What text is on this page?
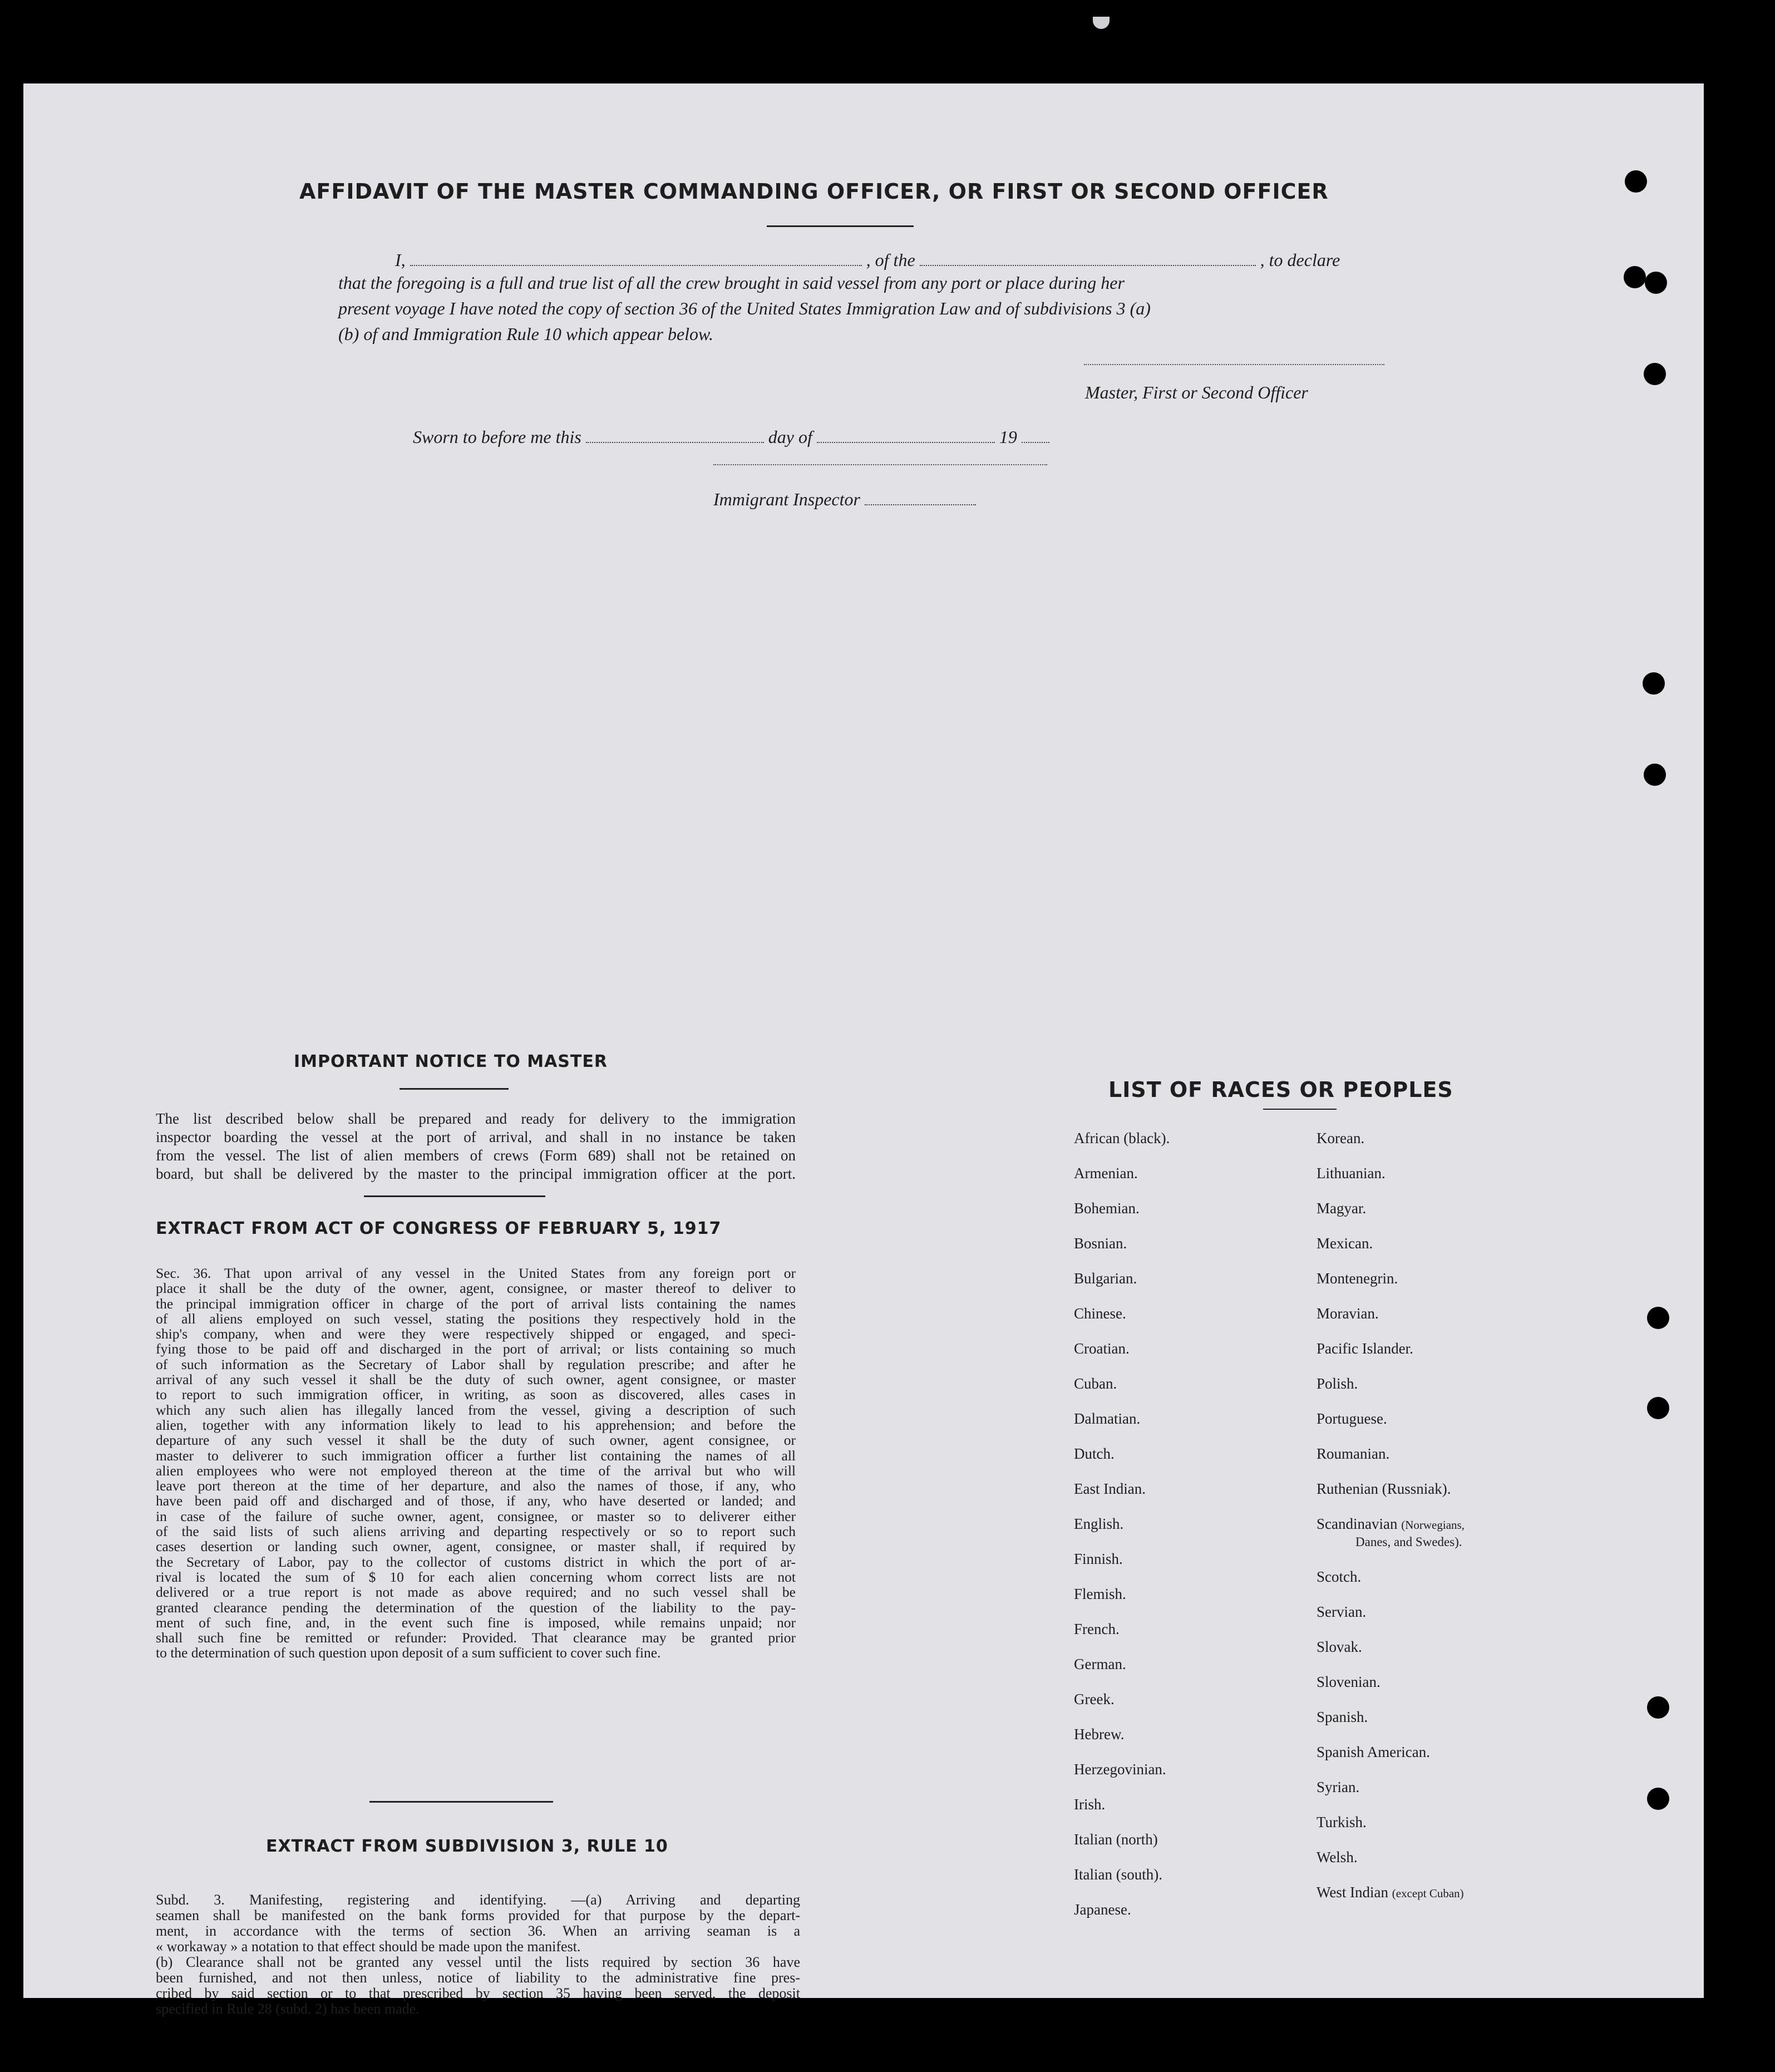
AFFIDAVIT OF THE MASTER COMMANDING OFFICER, OR FIRST OR SECOND OFFICER
I,	, of the	, to declare
that the foregoing is a full and true list of all the crew brought in said vessel from any port or place during her
present voyage I have noted the copy of section 36 of the United States Immigration Law and of subdivisions 3 (a)
(b) of and Immigration Rule 10 which appear below.
Master, First or Second Officer
Sworn to before me this	day of	19
Immigrant Inspector
IMPORTANT NOTICE TO MASTER
The list described below shall be prepared and ready for delivery to the immigration
inspector boarding the vessel at the port of arrival, and shall in no instance be taken
from the vessel. The list of alien members of crews (Form 689) shall not be retained on
board, but shall be delivered by the master to the principal immigration officer at the port.
EXTRACT FROM ACT OF CONGRESS OF FEBRUARY 5, 1917
Sec. 36. That upon arrival of any vessel in the United States from any foreign port or
place it shall be the duty of the owner, agent, consignee, or master thereof to deliver to
the principal immigration officer in charge of the port of arrival lists containing the names
of all aliens employed on such vessel, stating the positions they respectively hold in the
ship's company, when and were they were respectively shipped or engaged, and speci-
fying those to be paid off and discharged in the port of arrival; or lists containing so much
of such information as the Secretary of Labor shall by regulation prescribe; and after he
arrival of any such vessel it shall be the duty of such owner, agent consignee, or master
to report to such immigration officer, in writing, as soon as discovered, alles cases in
which any such alien has illegally lanced from the vessel, giving a description of such
alien, together with any information likely to lead to his apprehension; and before the
departure of any such vessel it shall be the duty of such owner, agent consignee, or
master to deliverer to such immigration officer a further list containing the names of all
alien employees who were not employed thereon at the time of the arrival but who will
leave port thereon at the time of her departure, and also the names of those, if any, who
have been paid off and discharged and of those, if any, who have deserted or landed; and
in case of the failure of suche owner, agent, consignee, or master so to deliverer either
of the said lists of such aliens arriving and departing respectively or so to report such
cases desertion or landing such owner, agent, consignee, or master shall, if required by
the Secretary of Labor, pay to the collector of customs district in which the port of ar-
rival is located the sum of $ 10 for each alien concerning whom correct lists are not
delivered or a true report is not made as above required; and no such vessel shall be
granted clearance pending the determination of the question of the liability to the pay-
ment of such fine, and, in the event such fine is imposed, while remains unpaid; nor
shall such fine be remitted or refunder: Provided. That clearance may be granted prior
to the determination of such question upon deposit of a sum sufficient to cover such fine.
EXTRACT FROM SUBDIVISION 3, RULE 10
Subd. 3. Manifesting, registering and identifying. —(a) Arriving and departing
seamen shall be manifested on the bank forms provided for that purpose by the depart-
ment, in accordance with the terms of section 36. When an arriving seaman is a
« workaway » a notation to that effect should be made upon the manifest.
(b) Clearance shall not be granted any vessel until the lists required by section 36 have
been furnished, and not then unless, notice of liability to the administrative fine pres-
cribed by said section or to that prescribed by section 35 having been served, the deposit
specified in Rule 28 (subd. 2) has been made.
LIST OF RACES OR PEOPLES
African (black).
Armenian.
Bohemian.
Bosnian.
Bulgarian.
Chinese.
Croatian.
Cuban.
Dalmatian.
Dutch.
East Indian.
English.
Finnish.
Flemish.
French.
German.
Greek.
Hebrew.
Herzegovinian.
Irish.
Italian (north)
Italian (south).
Japanese.
Korean.
Lithuanian.
Magyar.
Mexican.
Montenegrin.
Moravian.
Pacific Islander.
Polish.
Portuguese.
Roumanian.
Ruthenian (Russniak).
Scandinavian (Norwegians,
Danes, and Swedes).
Scotch.
Servian.
Slovak.
Slovenian.
Spanish.
Spanish American.
Syrian.
Turkish.
Welsh.
West Indian (except Cuban)
